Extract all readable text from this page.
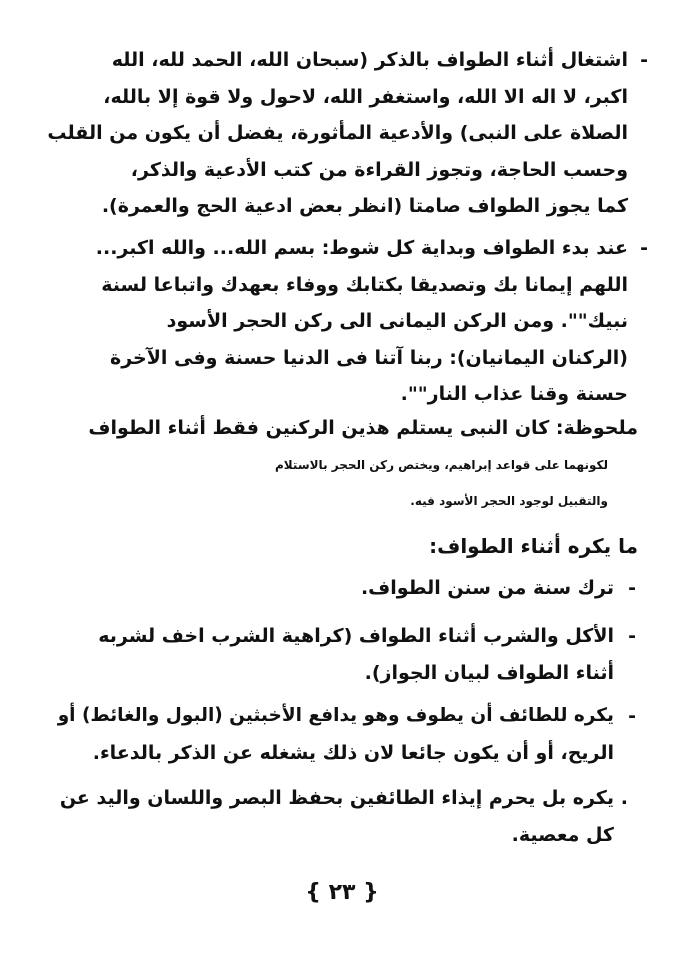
-
اشتغال أثناء الطواف بالذكر (سبحان الله، الحمد لله، الله
اكبر، لا اله الا الله، واستغفر الله، لاحول ولا قوة إلا بالله،
الصلاة على النبى) والأدعية المأثورة، يفضل أن يكون من القلب
وحسب الحاجة، وتجوز القراءة من كتب الأدعية والذكر،
كما يجوز الطواف صامتا (انظر بعض ادعية الحج والعمرة).
-
عند بدء الطواف وبداية كل شوط: بسم الله... والله اكبر...
اللهم إيمانا بك وتصديقا بكتابك ووفاء بعهدك واتباعا لسنة
نبيك"". ومن الركن اليمانى الى ركن الحجر الأسود
(الركنان اليمانيان): ربنا آتنا فى الدنيا حسنة وفى الآخرة
حسنة وقنا عذاب النار"".
ملحوظة: كان النبى يستلم هذين الركنين فقط أثناء الطواف
لكونهما على قواعد إبراهيم، ويختص ركن الحجر بالاستلام
والتقبيل لوجود الحجر الأسود فيه.
ما يكره أثناء الطواف:
-
ترك سنة من سنن الطواف.
-
الأكل والشرب أثناء الطواف (كراهية الشرب اخف لشربه
أثناء الطواف لبيان الجواز).
-
يكره للطائف أن يطوف وهو يدافع الأخبثين (البول والغائط) أو
الريح، أو أن يكون جائعا لان ذلك يشغله عن الذكر بالدعاء.
.
يكره بل يحرم إيذاء الطائفين بحفظ البصر واللسان واليد عن
كل معصية.
{ ٢٣ }
